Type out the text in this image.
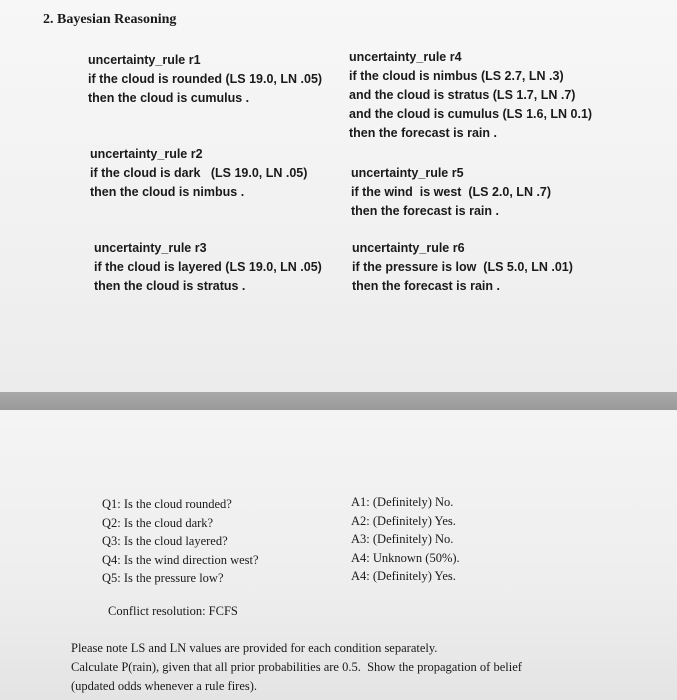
2. Bayesian Reasoning
uncertainty_rule r1
if the cloud is rounded (LS 19.0, LN .05)
then the cloud is cumulus .
uncertainty_rule r2
if the cloud is dark   (LS 19.0, LN .05)
then the cloud is nimbus .
uncertainty_rule r3
if the cloud is layered (LS 19.0, LN .05)
then the cloud is stratus .
uncertainty_rule r4
if the cloud is nimbus (LS 2.7, LN .3)
and the cloud is stratus (LS 1.7, LN .7)
and the cloud is cumulus (LS 1.6, LN 0.1)
then the forecast is rain .
uncertainty_rule r5
if the wind  is west  (LS 2.0, LN .7)
then the forecast is rain .
uncertainty_rule r6
if the pressure is low  (LS 5.0, LN .01)
then the forecast is rain .
Q1: Is the cloud rounded?
Q2: Is the cloud dark?
Q3: Is the cloud layered?
Q4: Is the wind direction west?
Q5: Is the pressure low?
A1: (Definitely) No.
A2: (Definitely) Yes.
A3: (Definitely) No.
A4: Unknown (50%).
A4: (Definitely) Yes.
Conflict resolution: FCFS
Please note LS and LN values are provided for each condition separately.
Calculate P(rain), given that all prior probabilities are 0.5.  Show the propagation of belief
(updated odds whenever a rule fires).
